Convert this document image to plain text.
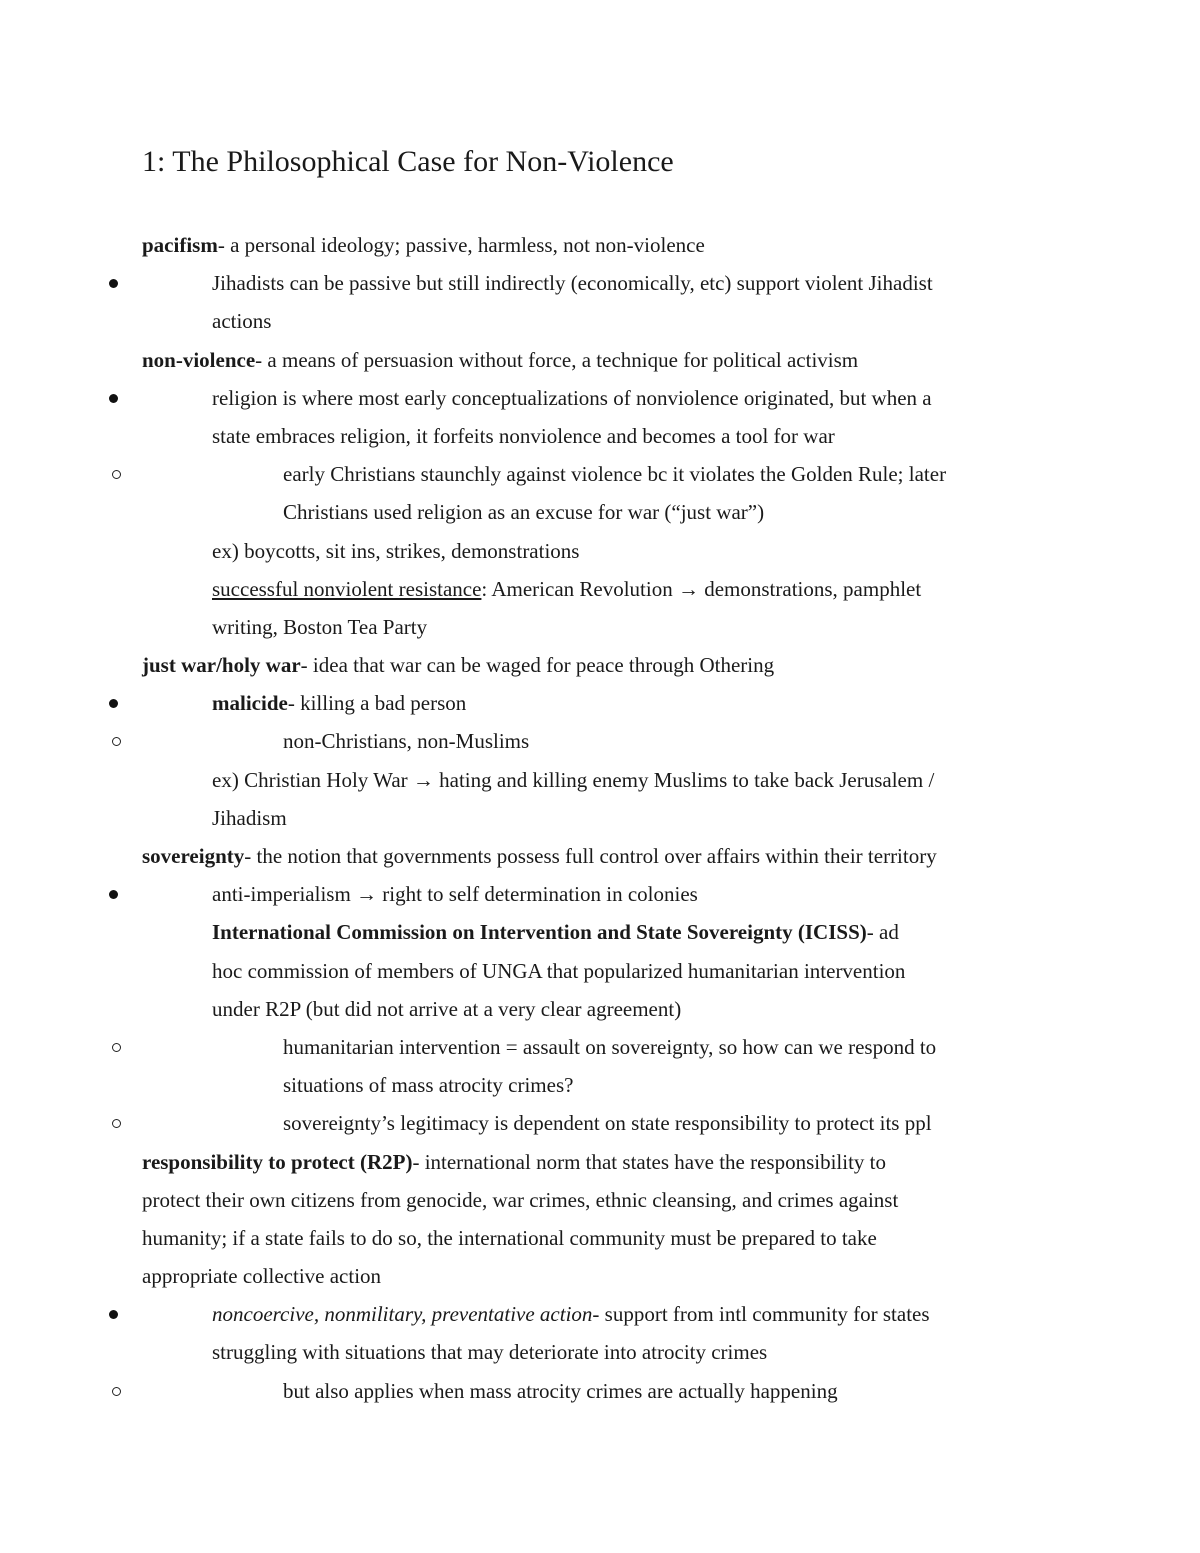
1: The Philosophical Case for Non-Violence
pacifism- a personal ideology; passive, harmless, not non-violence
Jihadists can be passive but still indirectly (economically, etc) support violent Jihadist
actions
non-violence- a means of persuasion without force, a technique for political activism
religion is where most early conceptualizations of nonviolence originated, but when a
state embraces religion, it forfeits nonviolence and becomes a tool for war
early Christians staunchly against violence bc it violates the Golden Rule; later
Christians used religion as an excuse for war (“just war”)
ex) boycotts, sit ins, strikes, demonstrations
successful nonviolent resistance: American Revolution → demonstrations, pamphlet
writing, Boston Tea Party
just war/holy war- idea that war can be waged for peace through Othering
malicide- killing a bad person
non-Christians, non-Muslims
ex) Christian Holy War → hating and killing enemy Muslims to take back Jerusalem /
Jihadism
sovereignty- the notion that governments possess full control over affairs within their territory
anti-imperialism → right to self determination in colonies
International Commission on Intervention and State Sovereignty (ICISS)- ad
hoc commission of members of UNGA that popularized humanitarian intervention
under R2P (but did not arrive at a very clear agreement)
humanitarian intervention = assault on sovereignty, so how can we respond to
situations of mass atrocity crimes?
sovereignty’s legitimacy is dependent on state responsibility to protect its ppl
responsibility to protect (R2P)- international norm that states have the responsibility to
protect their own citizens from genocide, war crimes, ethnic cleansing, and crimes against
humanity; if a state fails to do so, the international community must be prepared to take
appropriate collective action
noncoercive, nonmilitary, preventative action- support from intl community for states
struggling with situations that may deteriorate into atrocity crimes
but also applies when mass atrocity crimes are actually happening
